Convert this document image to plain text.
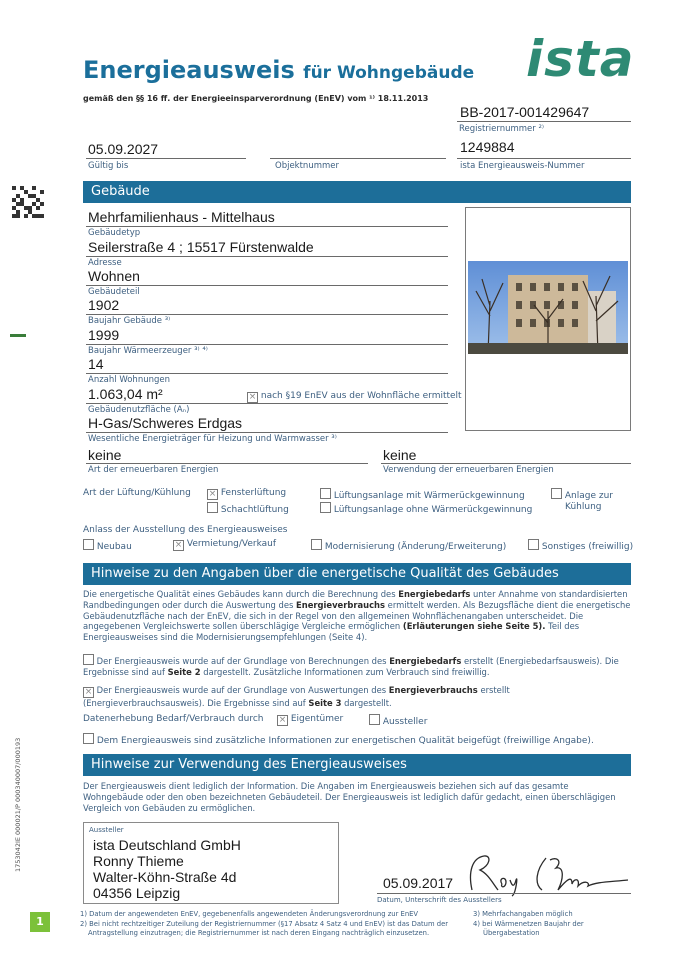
Energieausweis für Wohngebäude
gemäß den §§ 16 ff. der Energieeinsparverordnung (EnEV) vom ¹⁾ 18.11.2013
ista
BB-2017-001429647
Registriernummer ²⁾
05.09.2027
Gültig bis	Objektnummer
1249884
ista Energieausweis-Nummer
Gebäude
Mehrfamilienhaus - Mittelhaus
Gebäudetyp
Seilerstraße 4 ; 15517 Fürstenwalde
Adresse
Wohnen
Gebäudeteil
1902
Baujahr Gebäude ³⁾
1999
Baujahr Wärmeerzeuger ³⁾ ⁴⁾
14
Anzahl Wohnungen
1.063,04 m²
Gebäudenutzfläche (Aₙ)
H-Gas/Schweres Erdgas
Wesentliche Energieträger für Heizung und Warmwasser ³⁾
× nach §19 EnEV aus der Wohnfläche ermittelt
keine
Art der erneuerbaren Energien
keine
Verwendung der erneuerbaren Energien
Art der Lüftung/Kühlung × Fensterlüftung
Schachtlüftung
Lüftungsanlage mit Wärmerückgewinnung
Lüftungsanlage ohne Wärmerückgewinnung
Anlage zur
Kühlung
Anlass der Ausstellung des Energieausweises
Neubau	× Vermietung/Verkauf	Modernisierung (Änderung/Erweiterung)	Sonstiges (freiwillig)
Hinweise zu den Angaben über die energetische Qualität des Gebäudes
Die energetische Qualität eines Gebäudes kann durch die Berechnung des Energiebedarfs unter Annahme von standardisierten Randbedingungen oder durch die Auswertung des Energieverbrauchs ermittelt werden. Als Bezugsfläche dient die energetische Gebäudenutzfläche nach der EnEV, die sich in der Regel von den allgemeinen Wohnflächenangaben unterscheidet. Die angegebenen Vergleichswerte sollen überschlägige Vergleiche ermöglichen (Erläuterungen siehe Seite 5). Teil des Energieausweises sind die Modernisierungsempfehlungen (Seite 4).
Der Energieausweis wurde auf der Grundlage von Berechnungen des Energiebedarfs erstellt (Energiebedarfsausweis). Die Ergebnisse sind auf Seite 2 dargestellt. Zusätzliche Informationen zum Verbrauch sind freiwillig.
× Der Energieausweis wurde auf der Grundlage von Auswertungen des Energieverbrauchs erstellt (Energieverbrauchsausweis). Die Ergebnisse sind auf Seite 3 dargestellt.
Datenerhebung Bedarf/Verbrauch durch × Eigentümer	Aussteller
Dem Energieausweis sind zusätzliche Informationen zur energetischen Qualität beigefügt (freiwillige Angabe).
Hinweise zur Verwendung des Energieausweises
Der Energieausweis dient lediglich der Information. Die Angaben im Energieausweis beziehen sich auf das gesamte Wohngebäude oder den oben bezeichneten Gebäudeteil. Der Energieausweis ist lediglich dafür gedacht, einen überschlägigen Vergleich von Gebäuden zu ermöglichen.
Aussteller
ista Deutschland GmbH
Ronny Thieme
Walter-Köhn-Straße 4d
04356 Leipzig
05.09.2017
Datum, Unterschrift des Ausstellers
1) Datum der angewendeten EnEV, gegebenenfalls angewendeten Änderungsverordnung zur EnEV
2) Bei nicht rechtzeitiger Zuteilung der Registriernummer (§17 Absatz 4 Satz 4 und EnEV) ist das Datum der
Antragstellung einzutragen; die Registriernummer ist nach deren Eingang nachträglich einzusetzen.
3) Mehrfachangaben möglich
4) bei Wärmenetzen Baujahr der
Übergabestation
1
1753042IE 000021/P 000340007/000193
